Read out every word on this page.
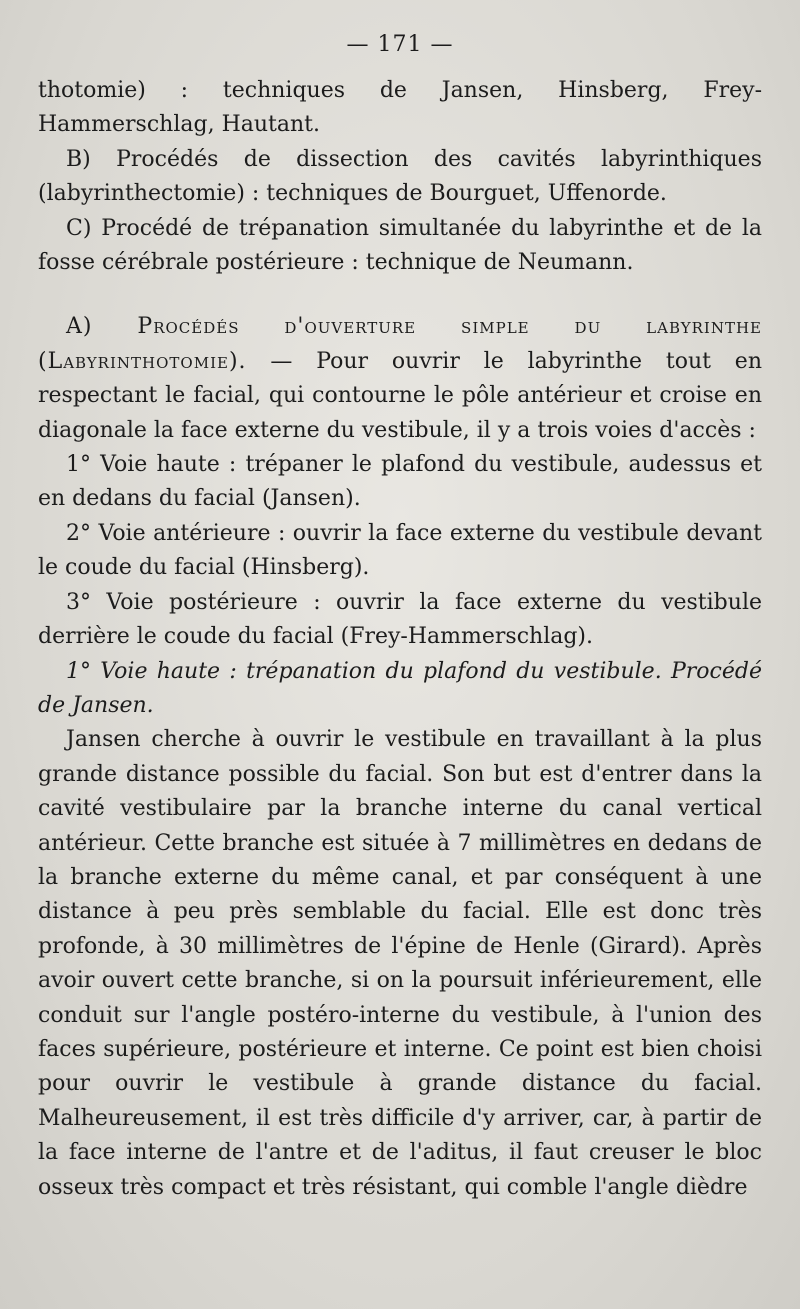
— 171 —

thotomie) : techniques de Jansen, Hinsberg, Frey-Hammerschlag, Hautant.

B) Procédés de dissection des cavités labyrinthiques (labyrinthectomie) : techniques de Bourguet, Uffenorde.

C) Procédé de trépanation simultanée du labyrinthe et de la fosse cérébrale postérieure : technique de Neumann.

A) Procédés d'ouverture simple du labyrinthe (Labyrinthotomie). — Pour ouvrir le labyrinthe tout en respectant le facial, qui contourne le pôle antérieur et croise en diagonale la face externe du vestibule, il y a trois voies d'accès :

1° Voie haute : trépaner le plafond du vestibule, audessus et en dedans du facial (Jansen).

2° Voie antérieure : ouvrir la face externe du vestibule devant le coude du facial (Hinsberg).

3° Voie postérieure : ouvrir la face externe du vestibule derrière le coude du facial (Frey-Hammerschlag).

1° Voie haute : trépanation du plafond du vestibule. Procédé de Jansen.

Jansen cherche à ouvrir le vestibule en travaillant à la plus grande distance possible du facial. Son but est d'entrer dans la cavité vestibulaire par la branche interne du canal vertical antérieur. Cette branche est située à 7 millimètres en dedans de la branche externe du même canal, et par conséquent à une distance à peu près semblable du facial. Elle est donc très profonde, à 30 millimètres de l'épine de Henle (Girard). Après avoir ouvert cette branche, si on la poursuit inférieurement, elle conduit sur l'angle postéro-interne du vestibule, à l'union des faces supérieure, postérieure et interne. Ce point est bien choisi pour ouvrir le vestibule à grande distance du facial. Malheureusement, il est très difficile d'y arriver, car, à partir de la face interne de l'antre et de l'aditus, il faut creuser le bloc osseux très compact et très résistant, qui comble l'angle dièdre
